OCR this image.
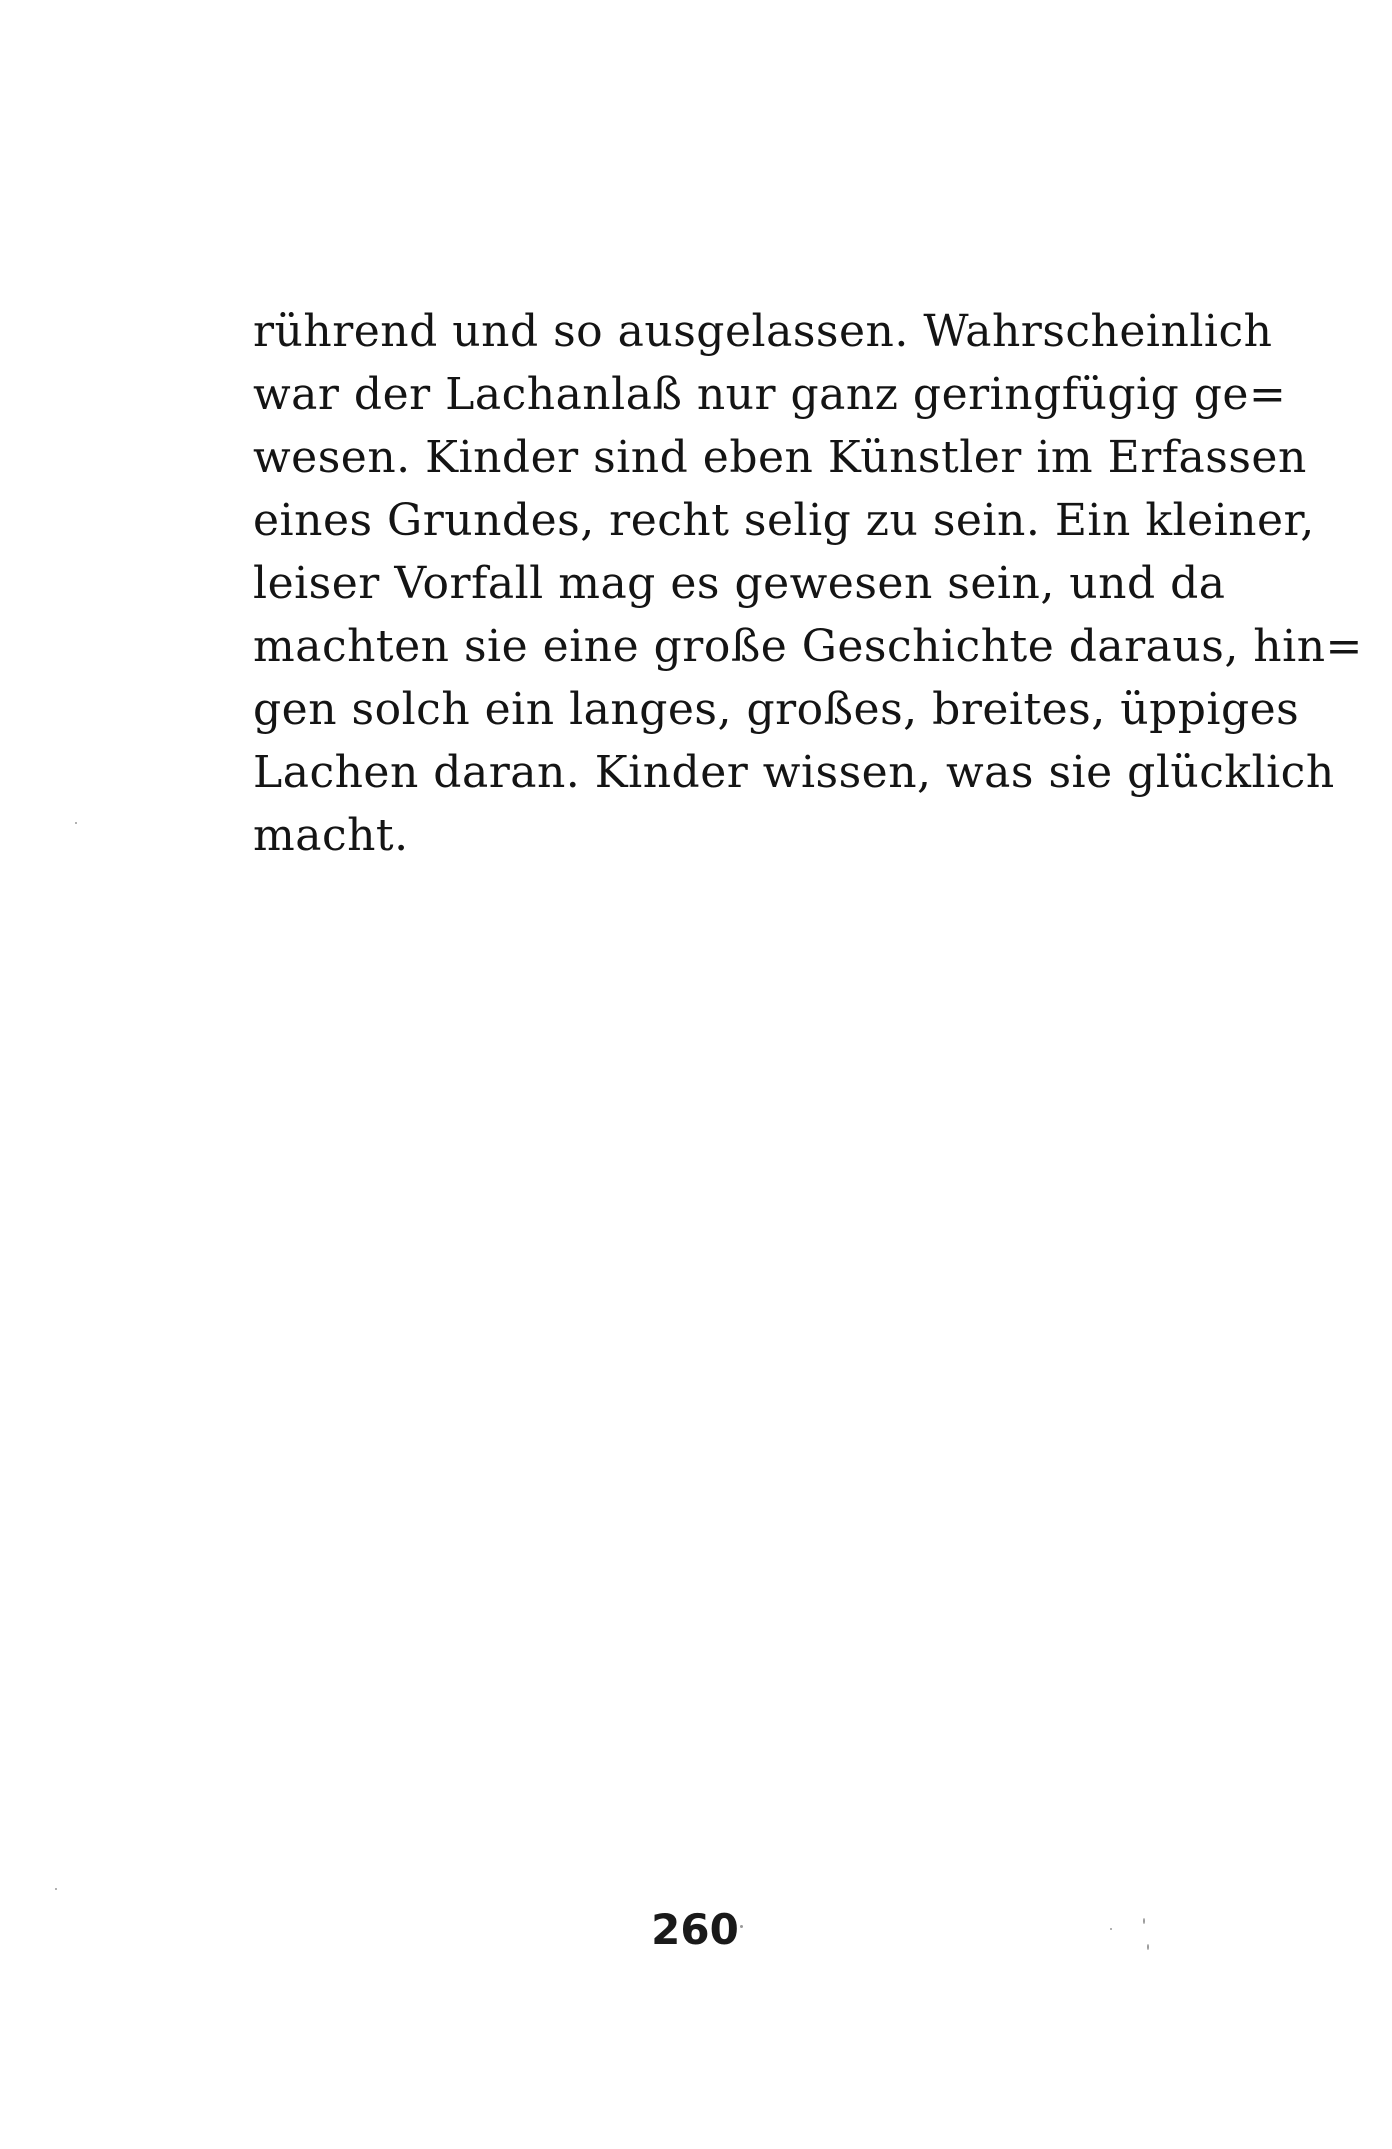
rührend und so ausgelassen. Wahrscheinlich
war der Lachanlaß nur ganz geringfügig ge=
wesen. Kinder sind eben Künstler im Erfassen
eines Grundes, recht selig zu sein. Ein kleiner,
leiser Vorfall mag es gewesen sein, und da
machten sie eine große Geschichte daraus, hin=
gen solch ein langes, großes, breites, üppiges
Lachen daran. Kinder wissen, was sie glücklich
macht.
260
